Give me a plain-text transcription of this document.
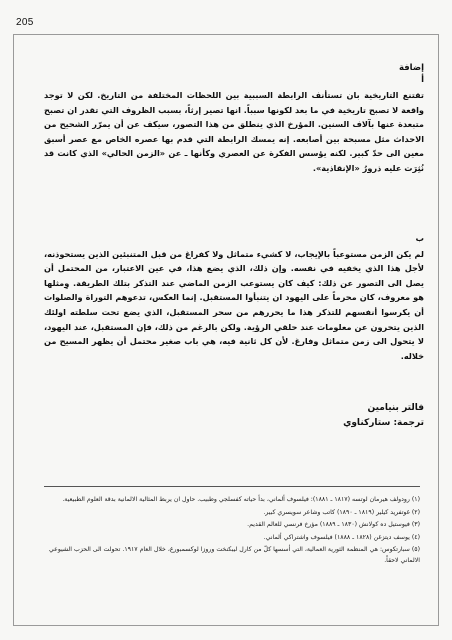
205
إضافة
أ

تقتنع التاريخية بان تستأنف الرابطة السببية بين اللحظات المختلفة من التاريخ. لكن لا توجد واقعة لا تصبح تاريخية في ما بعد لكونها سبباً. انها تصير إرثاً، بسبب الظروف التي تقدر ان تصبح متبعدة عنها بآلاف السنين. المؤرخ الذي ينطلق من هذا التصور، سيكف عن أن يمرّر الشحيح من الاحداث مثل مسبحة بين أصابعه. إنه يمسك الرابطة التي قدم بها عصره الخاص مع عصر أسبق معين الى حدّ كبير. لكنه يؤسس الفكرة عن العصري وكأنها ـ عن «الزمن الحالي» الذي كانت قد نُثِرَت عليه ذرورُ «الإنقاذية».

ب

لم يكن الزمن مستوعباً بالإيجاب، لا كشيء متماثل ولا كفراغ من قبل المتنبئين الذين يستحوذنه، لأجل هذا الذي يخفيه في نفسه. وإن ذلك، الذي يضع هذا، في عين الاعتبار، من المحتمل أن يصل الى التصور عن ذلك: كيف كان يستوعب الزمن الماضي عند التذكر بتلك الطريقة. وِمثلها هو معروف، كان محرماً على اليهود ان يتنبأوا المستقبل. إنما العكس، تدعوهم التوراة والصلوات أن يكرسوا أنفسهم للتذكر هذا ما يحررهم من سحر المستقبل، الذي يضع تحت سلطته اولئك الذين يتحرون عن معلومات عند حلقي الرؤية. ولكن بالرغم من ذلك، فإن المستقبل، عند اليهود، لا يتحول الى زمن متماثل وفارغ. لأن كل ثانية فيه، هي باب صغير محتمل أن يظهر المسيح من خلاله.

فالتر بنيامين
ترجمة: ستاركناوي

(١) رودولف هيرمان لوتسه (١٨١٧ ـ ١٨٨١): فيلسوف ألماني، بدأ حياته كفسلجي وطبيب. حاول ان يربط المثالية الالمانية بدقة العلوم الطبيعية.

(٢) غوتفريد كيلير (١٨١٩ ـ ١٨٩٠) كاتب وشاعر سويسري كبير.

(٣) فيوستيل ده كولانش (١٨٣٠ ـ ١٨٨٩) مؤرخ فرنسي للعالم القديم.

(٤) يوسف ديتزغن (١٨٢٨ ـ ١٨٨٨) فيلسوف واشتراكي ألماني.

(٥) سبارتكوس: هي المنظمة الثورية العمالية، التي أسسها كلّ من كارل ليبكنخت وروزا لوكسمبورغ، خلال العام ١٩١٧. تحولت الى الحزب الشيوعي الالماني لاحقاً.
